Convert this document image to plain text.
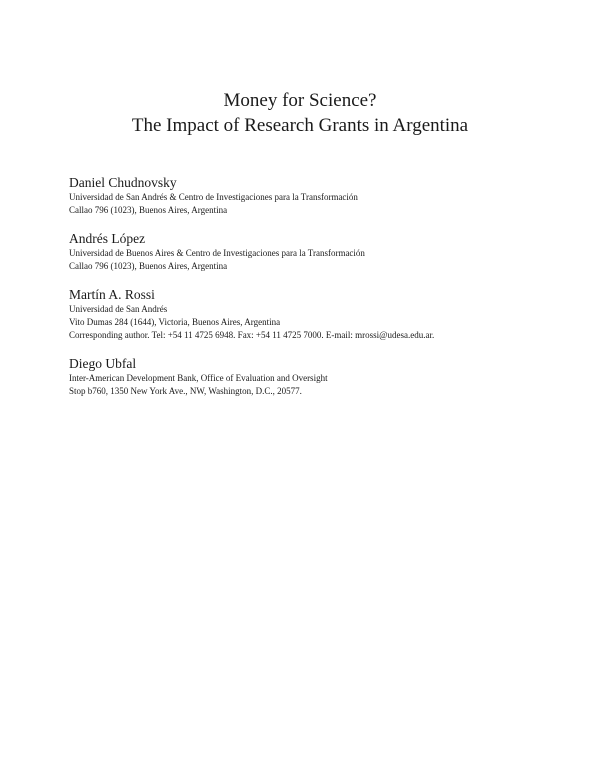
Money for Science?
The Impact of Research Grants in Argentina
Daniel Chudnovsky
Universidad de San Andrés & Centro de Investigaciones para la Transformación
Callao 796 (1023), Buenos Aires, Argentina
Andrés López
Universidad de Buenos Aires & Centro de Investigaciones para la Transformación
Callao 796 (1023), Buenos Aires, Argentina
Martín A. Rossi
Universidad de San Andrés
Vito Dumas 284 (1644), Victoria, Buenos Aires, Argentina
Corresponding author. Tel: +54 11 4725 6948. Fax: +54 11 4725 7000. E-mail: mrossi@udesa.edu.ar.
Diego Ubfal
Inter-American Development Bank, Office of Evaluation and Oversight
Stop b760, 1350 New York Ave., NW, Washington, D.C., 20577.
